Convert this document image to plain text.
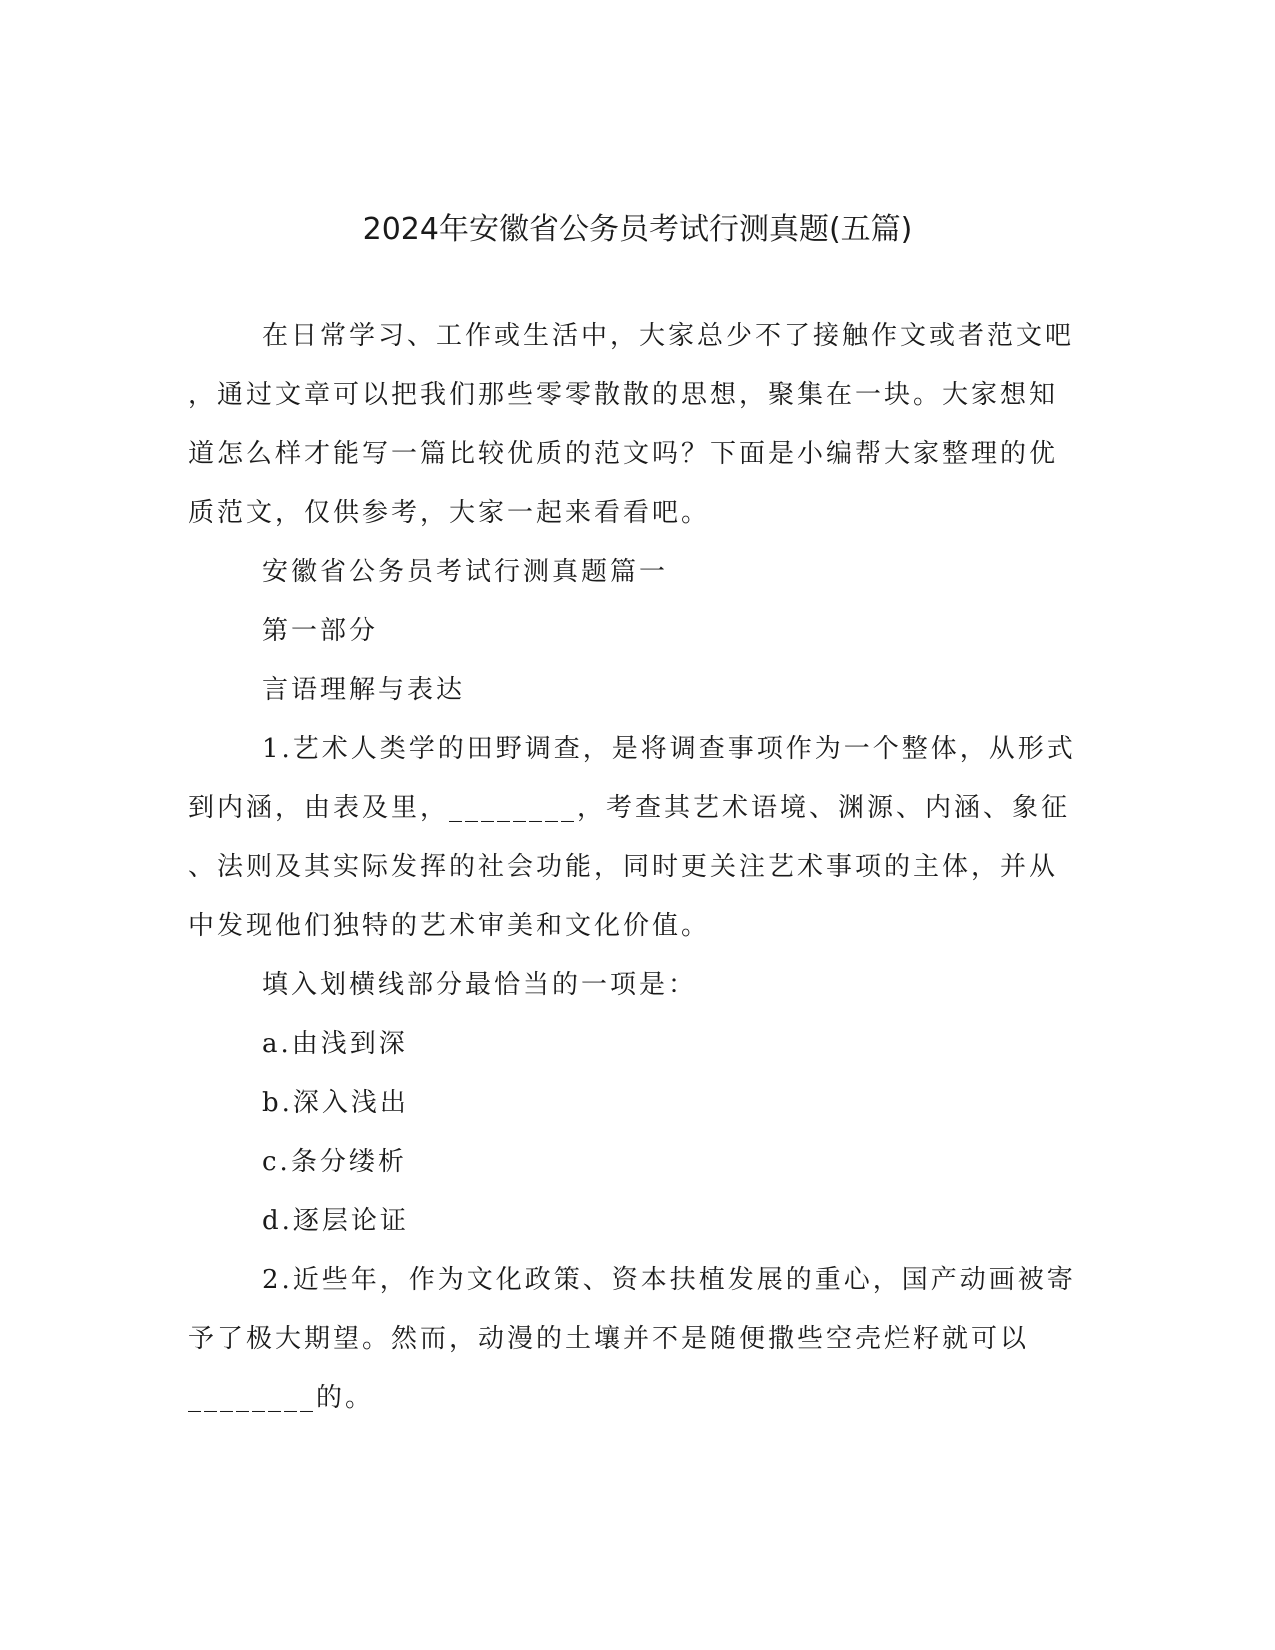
2024年安徽省公务员考试行测真题(五篇)
在日常学习、工作或生活中，大家总少不了接触作文或者范文吧
，通过文章可以把我们那些零零散散的思想，聚集在一块。大家想知
道怎么样才能写一篇比较优质的范文吗？下面是小编帮大家整理的优
质范文，仅供参考，大家一起来看看吧。
安徽省公务员考试行测真题篇一
第一部分
言语理解与表达
1.艺术人类学的田野调查，是将调查事项作为一个整体，从形式
到内涵，由表及里，________，考查其艺术语境、渊源、内涵、象征
、法则及其实际发挥的社会功能，同时更关注艺术事项的主体，并从
中发现他们独特的艺术审美和文化价值。
填入划横线部分最恰当的一项是：
a.由浅到深
b.深入浅出
c.条分缕析
d.逐层论证
2.近些年，作为文化政策、资本扶植发展的重心，国产动画被寄
予了极大期望。然而，动漫的土壤并不是随便撒些空壳烂籽就可以
________的。
